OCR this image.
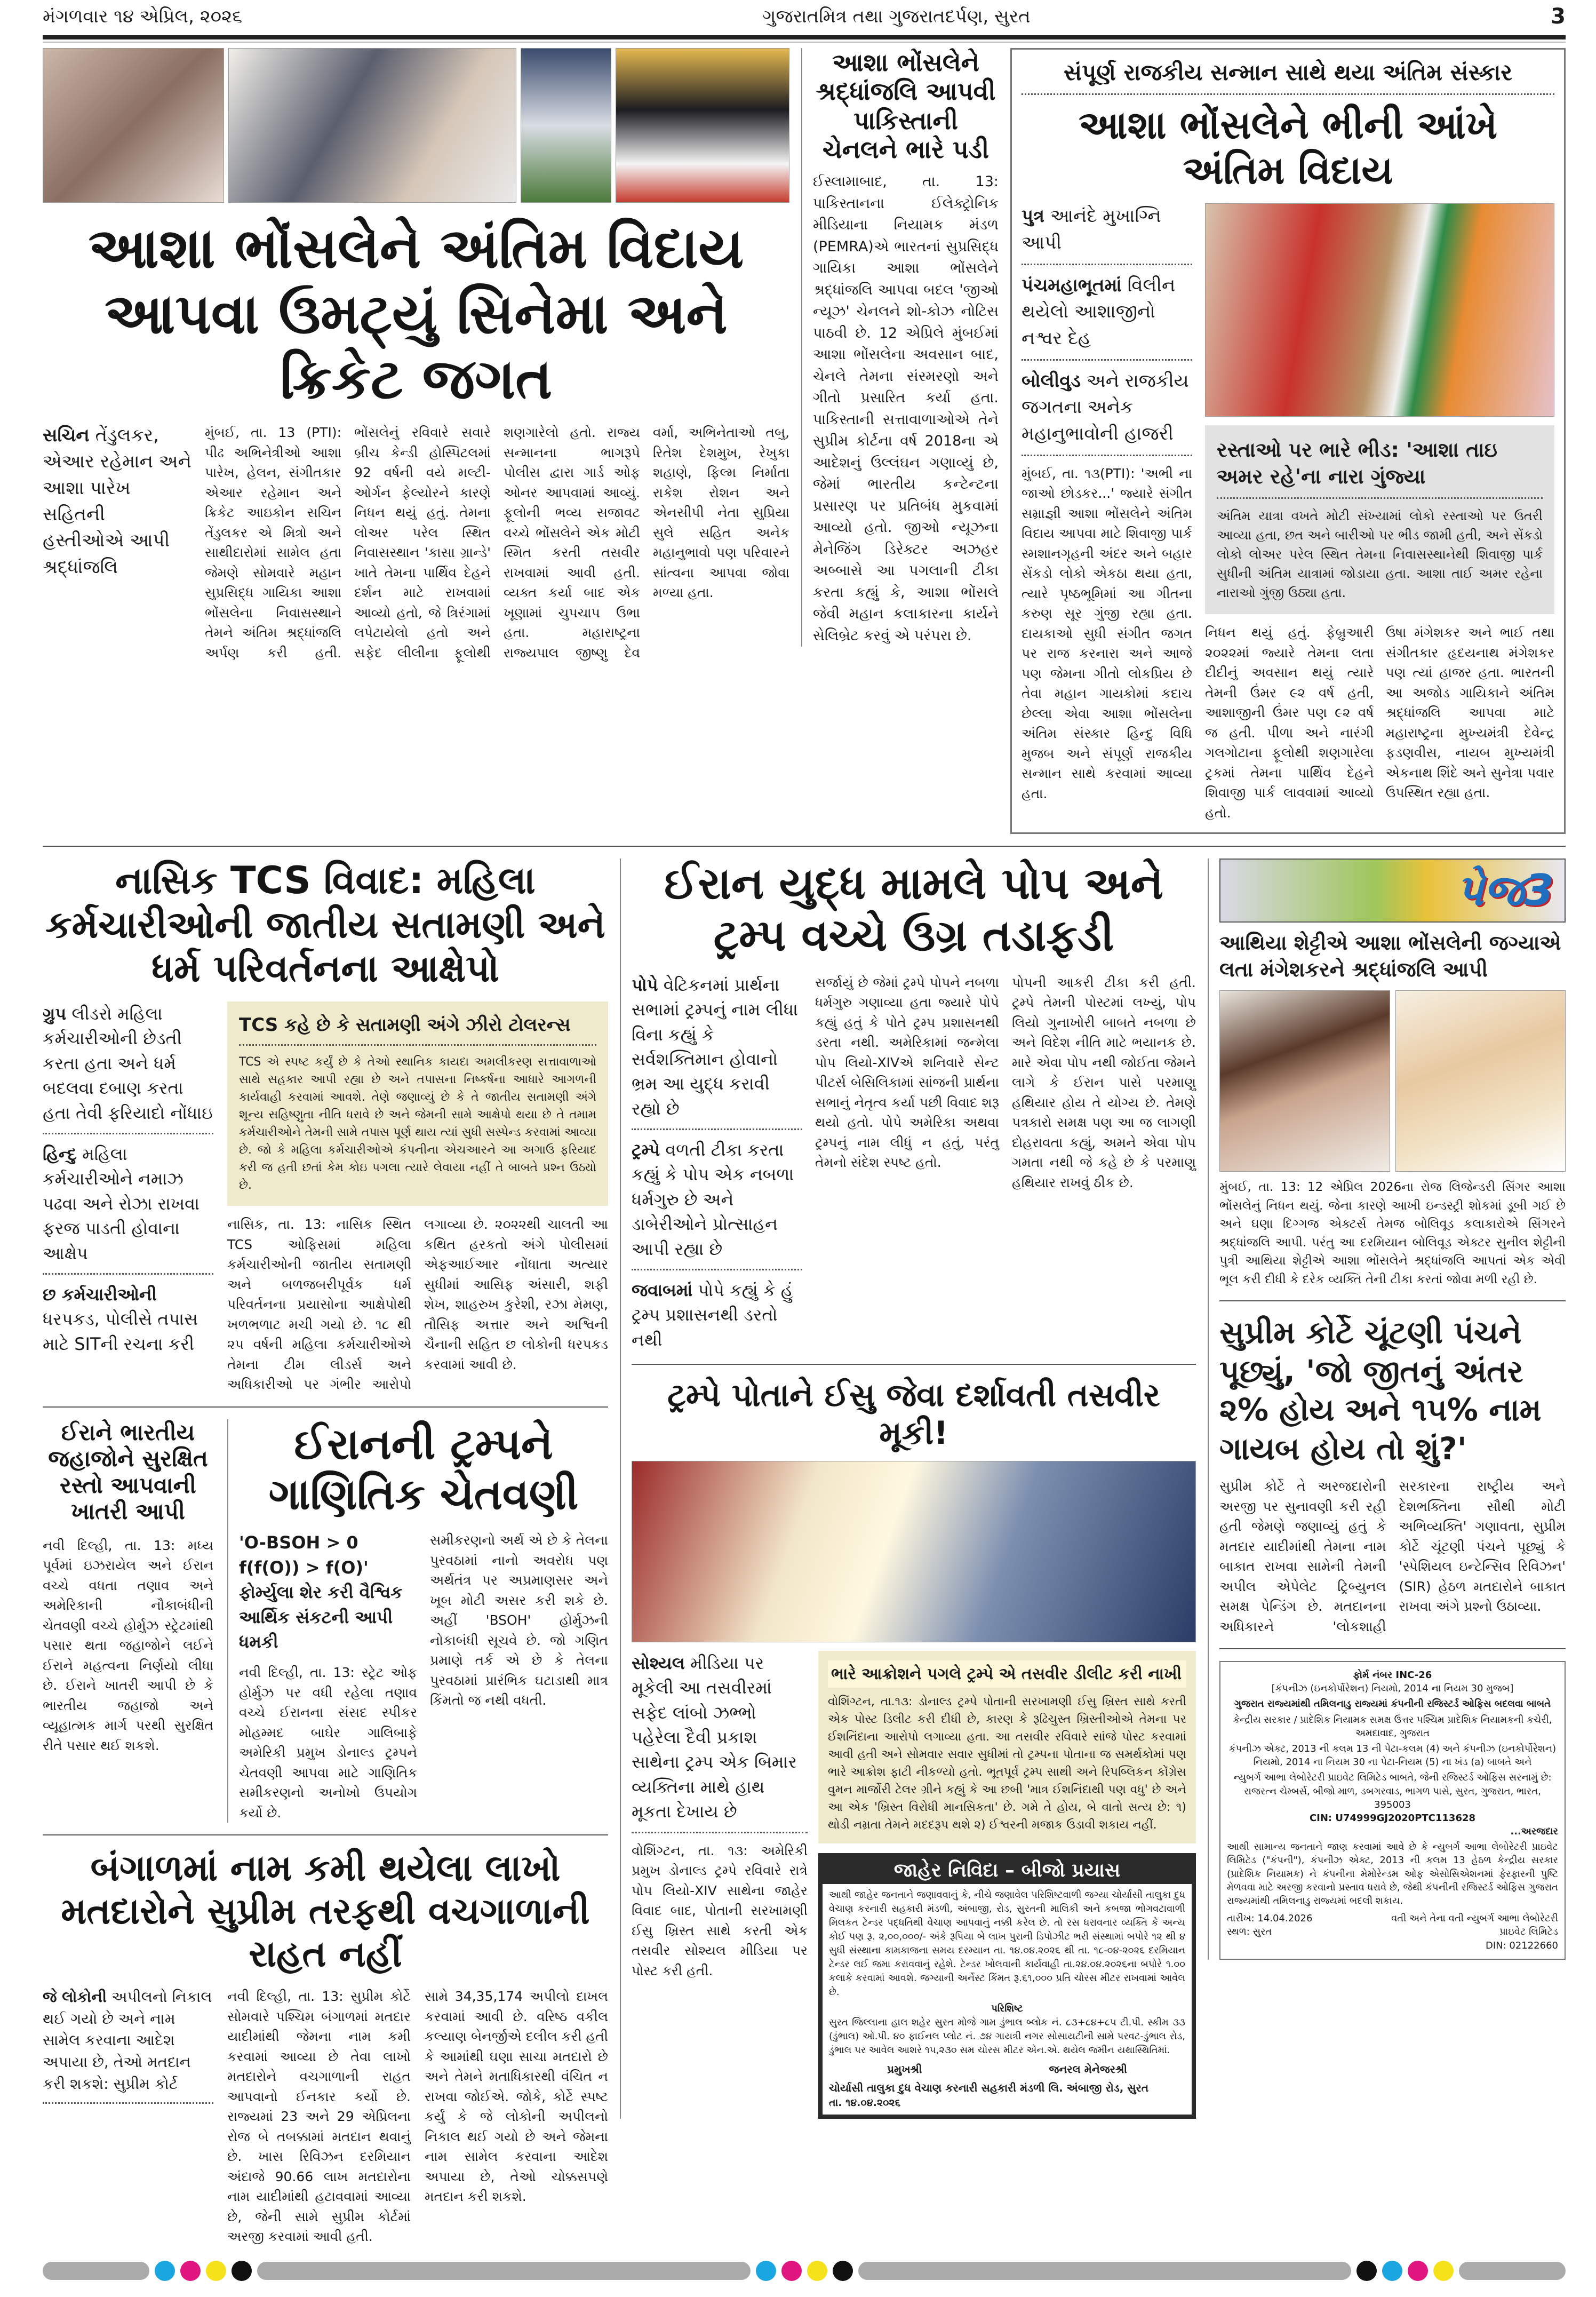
મંગળવાર ૧૪ એપ્રિલ, ૨૦૨૬	ગુજરાતમિત્ર તથા ગુજરાતદર્પણ, સુરત	3
આશા ભોંસલેને અંતિમ વિદાય આપવા ઉમટ્યું સિનેમા અને ક્રિકેટ જગત
સચિન તેંડુલકર, એઆર રહેમાન અને આશા પારેખ સહિતની હસ્તીઓએ આપી શ્રદ્ધાંજલિ
મુંબઈ, તા. 13 (PTI): પીઢ અભિનેત્રીઓ આશા પારેખ, હેલન, સંગીતકાર એઆર રહેમાન અને ક્રિકેટ આઇકોન સચિન તેંડુલકર એ મિત્રો અને સાથીદારોમાં સામેલ હતા જેમણે સોમવારે મહાન સુપ્રસિદ્ધ ગાયિકા આશા ભોંસલેના નિવાસસ્થાને તેમને અંતિમ શ્રદ્ધાંજલિ અર્પણ કરી હતી. ભોંસલેનું રવિવારે સવારે બ્રીચ કેન્ડી હોસ્પિટલમાં 92 વર્ષની વયે મલ્ટી-ઓર્ગન ફેલ્યોરને કારણે નિધન થયું હતું. તેમના લોઅર પરેલ સ્થિત નિવાસસ્થાન 'કાસા ગ્રાન્ડે' ખાતે તેમના પાર્થિવ દેહને દર્શન માટે રાખવામાં આવ્યો હતો, જે ત્રિરંગામાં લપેટાયેલો હતો અને સફેદ લીલીના ફૂલોથી શણગારેલો હતો. રાજ્ય સન્માનના ભાગરૂપે પોલીસ દ્વારા ગાર્ડ ઓફ ઓનર આપવામાં આવ્યું. ફૂલોની ભવ્ય સજાવટ વચ્ચે ભોંસલેને એક મોટી સ્મિત કરતી તસવીર રાખવામાં આવી હતી. વ્યક્ત કર્યા બાદ એક ખૂણામાં ચુપચાપ ઉભા હતા. મહારાષ્ટ્રના રાજ્યપાલ જીષ્ણુ દેવ વર્મા, અભિનેતાઓ તબુ, રિતેશ દેશમુખ, રેખુકા શહાણે, ફિલ્મ નિર્માતા રાકેશ રોશન અને એનસીપી નેતા સુપ્રિયા સુલે સહિત અનેક મહાનુભાવો પણ પરિવારને સાંત્વના આપવા જોવા મળ્યા હતા.
આશા ભોંસલેને શ્રદ્ધાંજલિ આપવી પાકિસ્તાની ચેનલને ભારે પડી
ઈસ્લામાબાદ, તા. 13: પાકિસ્તાનના ઈલેક્ટ્રોનિક મીડિયાના નિયામક મંડળ (PEMRA)એ ભારતનાં સુપ્રસિદ્ધ ગાયિકા આશા ભોંસલેને શ્રદ્ધાંજલિ આપવા બદલ 'જીઓ ન્યૂઝ' ચેનલને શો-કોઝ નોટિસ પાઠવી છે. 12 એપ્રિલે મુંબઈમાં આશા ભોંસલેના અવસાન બાદ, ચેનલે તેમના સંસ્મરણો અને ગીતો પ્રસારિત કર્યા હતા. પાકિસ્તાની સત્તાવાળાઓએ તેને સુપ્રીમ કોર્ટના વર્ષ 2018ના એ આદેશનું ઉલ્લંઘન ગણાવ્યું છે, જેમાં ભારતીય કન્ટેન્ટના પ્રસારણ પર પ્રતિબંધ મુકવામાં આવ્યો હતો. જીઓ ન્યૂઝના મેનેજિંગ ડિરેક્ટર અઝહર અબ્બાસે આ પગલાની ટીકા કરતા કહ્યું કે, આશા ભોંસલે જેવી મહાન કલાકારના કાર્યને સેલિબ્રેટ કરવું એ પરંપરા છે.
સંપૂર્ણ રાજકીય સન્માન સાથે થયા અંતિમ સંસ્કાર
આશા ભોંસલેને ભીની આંખે અંતિમ વિદાય
પુત્ર આનંદે મુખાગ્નિ આપી
પંચમહાભૂતમાં વિલીન થયેલો આશાજીનો નશ્વર દેહ
બોલીવુડ અને રાજકીય જગતના અનેક મહાનુભાવોની હાજરી
મુંબઈ, તા. ૧૩(PTI): 'અભી ના જાઓ છોડકર...' જ્યારે સંગીત સમ્રાજ્ઞી આશા ભોંસલેને અંતિમ વિદાય આપવા માટે શિવાજી પાર્ક સ્મશાનગૃહની અંદર અને બહાર સેંકડો લોકો એકઠા થયા હતા, ત્યારે પૃષ્ઠભૂમિમાં આ ગીતના કરુણ સૂર ગુંજી રહ્યા હતા. દાયકાઓ સુધી સંગીત જગત પર રાજ કરનારા અને આજે પણ જેમના ગીતો લોકપ્રિય છે તેવા મહાન ગાયકોમાં કદાચ છેલ્લા એવા આશા ભોંસલેના અંતિમ સંસ્કાર હિન્દુ વિધિ મુજબ અને સંપૂર્ણ રાજકીય સન્માન સાથે કરવામાં આવ્યા હતા.
રસ્તાઓ પર ભારે ભીડ: 'આશા તાઇ અમર રહે'ના નારા ગુંજ્યા
અંતિમ યાત્રા વખતે મોટી સંખ્યામાં લોકો રસ્તાઓ પર ઉતરી આવ્યા હતા, છત અને બારીઓ પર ભીડ જામી હતી, અને સેંકડો લોકો લોઅર પરેલ સ્થિત તેમના નિવાસસ્થાનેથી શિવાજી પાર્ક સુધીની અંતિમ યાત્રામાં જોડાયા હતા. આશા તાઈ અમર રહેના નારાઓ ગુંજી ઉઠ્યા હતા.
નિધન થયું હતું. ફેબ્રુઆરી ૨૦૨૨માં જ્યારે તેમના લતા દીદીનું અવસાન થયું ત્યારે તેમની ઉંમર ૯૨ વર્ષ હતી, આશાજીની ઉંમર પણ ૯૨ વર્ષ જ હતી. પીળા અને નારંગી ગલગોટાના ફૂલોથી શણગારેલા ટ્રકમાં તેમના પાર્થિવ દેહને શિવાજી પાર્ક લાવવામાં આવ્યો હતો.
ઉષા મંગેશકર અને ભાઈ તથા સંગીતકાર હૃદયનાથ મંગેશકર પણ ત્યાં હાજર હતા. ભારતની આ અજોડ ગાયિકાને અંતિમ શ્રદ્ધાંજલિ આપવા માટે મહારાષ્ટ્રના મુખ્યમંત્રી દેવેન્દ્ર ફડણવીસ, નાયબ મુખ્યમંત્રી એકનાથ શિંદે અને સુનેત્રા પવાર ઉપસ્થિત રહ્યા હતા.
નાસિક TCS વિવાદ: મહિલા કર્મચારીઓની જાતીય સતામણી અને ધર્મ પરિવર્તનના આક્ષેપો
ગ્રુપ લીડરો મહિલા કર્મચારીઓની છેડતી કરતા હતા અને ધર્મ બદલવા દબાણ કરતા હતા તેવી ફરિયાદો નોંધાઇ
હિન્દુ મહિલા કર્મચારીઓને નમાઝ પઢવા અને રોઝા રાખવા ફરજ પાડતી હોવાના આક્ષેપ
છ કર્મચારીઓની ધરપકડ, પોલીસે તપાસ માટે SITની રચના કરી
TCS કહે છે કે સતામણી અંગે ઝીરો ટોલરન્સ
TCS એ સ્પષ્ટ કર્યું છે કે તેઓ સ્થાનિક કાયદા અમલીકરણ સત્તાવાળાઓ સાથે સહકાર આપી રહ્યા છે અને તપાસના નિષ્કર્ષના આધારે આગળની કાર્યવાહી કરવામાં આવશે. તેણે જણાવ્યું છે કે તે જાતીય સતામણી અંગે શૂન્ય સહિષ્ણુતા નીતિ ધરાવે છે અને જેમની સામે આક્ષેપો થયા છે તે તમામ કર્મચારીઓને તેમની સામે તપાસ પૂર્ણ થાય ત્યાં સુધી સસ્પેન્ડ કરવામાં આવ્યા છે. જો કે મહિલા કર્મચારીઓએ કંપનીના એચઆરને આ અગાઉ ફરિયાદ કરી જ હતી છતાં કેમ કોઇ પગલા ત્યારે લેવાયા નહીં તે બાબતે પ્રશ્ન ઉઠ્યો છે.
નાસિક, તા. 13: નાસિક સ્થિત TCS ઓફિસમાં મહિલા કર્મચારીઓની જાતીય સતામણી અને બળજબરીપૂર્વક ધર્મ પરિવર્તનના પ્રયાસોના આક્ષેપોથી ખળભળાટ મચી ગયો છે. ૧૮ થી ૨૫ વર્ષની મહિલા કર્મચારીઓએ તેમના ટીમ લીડર્સ અને અધિકારીઓ પર ગંભીર આરોપો લગાવ્યા છે. ૨૦૨૨થી ચાલતી આ કથિત હરકતો અંગે પોલીસમાં એફઆઈઆર નોંધાતા અત્યાર સુધીમાં આસિફ અંસારી, શફી શેખ, શાહરુખ કુરેશી, રઝા મેમણ, તૌસિફ અત્તાર અને અશ્વિની ચૈનાની સહિત છ લોકોની ધરપકડ કરવામાં આવી છે.
ઈરાને ભારતીય જહાજોને સુરક્ષિત રસ્તો આપવાની ખાતરી આપી
નવી દિલ્હી, તા. 13: મધ્ય પૂર્વમાં ઇઝરાયેલ અને ઈરાન વચ્ચે વધતા તણાવ અને અમેરિકાની નૌકાબંધીની ચેતવણી વચ્ચે હોર્મુઝ સ્ટ્રેટમાંથી પસાર થતા જહાજોને લઈને ઈરાને મહત્વના નિર્ણયો લીધા છે. ઈરાને ખાતરી આપી છે કે ભારતીય જહાજો અને વ્યૂહાત્મક માર્ગ પરથી સુરક્ષિત રીતે પસાર થઈ શકશે.
ઈરાનની ટ્રમ્પને ગાણિતિક ચેતવણી
'O-BSOH > 0 f(f(O)) > f(O)' ફોર્મ્યુલા શેર કરી વૈશ્વિક આર્થિક સંકટની આપી ધમકી
નવી દિલ્હી, તા. 13: સ્ટ્રેટ ઓફ હોર્મુઝ પર વધી રહેલા તણાવ વચ્ચે ઈરાનના સંસદ સ્પીકર મોહમ્મદ બાઘેર ગાલિબાફે અમેરિકી પ્રમુખ ડોનાલ્ડ ટ્રમ્પને ચેતવણી આપવા માટે ગાણિતિક સમીકરણનો અનોખો ઉપયોગ કર્યો છે.
સમીકરણનો અર્થ એ છે કે તેલના પુરવઠામાં નાનો અવરોધ પણ અર્થતંત્ર પર અપ્રમાણસર અને ખૂબ મોટી અસર કરી શકે છે. અહીં 'BSOH' હોર્મુઝની નોકાબંધી સૂચવે છે. જો ગણિત પ્રમાણે તર્ક એ છે કે તેલના પુરવઠામાં પ્રારંભિક ઘટાડાથી માત્ર કિંમતો જ નથી વધતી.
બંગાળમાં નામ કમી થયેલા લાખો મતદારોને સુપ્રીમ તરફથી વચગાળાની રાહત નહીં
જે લોકોની અપીલનો નિકાલ થઈ ગયો છે અને નામ સામેલ કરવાના આદેશ અપાયા છે, તેઓ મતદાન કરી શકશે: સુપ્રીમ કોર્ટ
નવી દિલ્હી, તા. 13: સુપ્રીમ કોર્ટે સોમવારે પશ્ચિમ બંગાળમાં મતદાર યાદીમાંથી જેમના નામ કમી કરવામાં આવ્યા છે તેવા લાખો મતદારોને વચગાળાની રાહત આપવાનો ઈનકાર કર્યો છે. રાજ્યમાં 23 અને 29 એપ્રિલના રોજ બે તબક્કામાં મતદાન થવાનું છે. ખાસ રિવિઝન દરમિયાન અંદાજે 90.66 લાખ મતદારોના નામ યાદીમાંથી હટાવવામાં આવ્યા છે, જેની સામે સુપ્રીમ કોર્ટમાં અરજી કરવામાં આવી હતી.
સામે 34,35,174 અપીલો દાખલ કરવામાં આવી છે. વરિષ્ઠ વકીલ કલ્યાણ બેનર્જીએ દલીલ કરી હતી કે આમાંથી ઘણા સાચા મતદારો છે અને તેમને મતાધિકારથી વંચિત ન રાખવા જોઈએ. જોકે, કોર્ટે સ્પષ્ટ કર્યું કે જે લોકોની અપીલનો નિકાલ થઈ ગયો છે અને જેમના નામ સામેલ કરવાના આદેશ અપાયા છે, તેઓ ચોક્કસપણે મતદાન કરી શકશે.
ઈરાન યુદ્ધ મામલે પોપ અને ટ્રમ્પ વચ્ચે ઉગ્ર તડાફડી
પોપે વેટિકનમાં પ્રાર્થના સભામાં ટ્રમ્પનું નામ લીધા વિના કહ્યું કે સર્વશક્તિમાન હોવાનો ભ્રમ આ યુદ્ધ કરાવી રહ્યો છે
ટ્રમ્પે વળતી ટીકા કરતા કહ્યું કે પોપ એક નબળા ધર્મગુરુ છે અને ડાબેરીઓને પ્રોત્સાહન આપી રહ્યા છે
જવાબમાં પોપે કહ્યું કે હું ટ્રમ્પ પ્રશાસનથી ડરતો નથી
સર્જાયું છે જેમાં ટ્રમ્પે પોપને નબળા ધર્મગુરુ ગણાવ્યા હતા જ્યારે પોપે કહ્યું હતું કે પોતે ટ્રમ્પ પ્રશાસનથી ડરતા નથી. અમેરિકામાં જન્મેલા પોપ લિયો-XIVએ શનિવારે સેન્ટ પીટર્સ બેસિલિકામાં સાંજની પ્રાર્થના સભાનું નેતૃત્વ કર્યા પછી વિવાદ શરૂ થયો હતો. પોપે અમેરિકા અથવા ટ્રમ્પનું નામ લીધું ન હતું, પરંતુ તેમનો સંદેશ સ્પષ્ટ હતો.
પોપની આકરી ટીકા કરી હતી. ટ્રમ્પે તેમની પોસ્ટમાં લખ્યું, પોપ લિયો ગુનાખોરી બાબતે નબળા છે અને વિદેશ નીતિ માટે ભયાનક છે. મારે એવા પોપ નથી જોઈતા જેમને લાગે કે ઈરાન પાસે પરમાણુ હથિયાર હોય તે યોગ્ય છે. તેમણે પત્રકારો સમક્ષ પણ આ જ લાગણી દોહરાવતા કહ્યું, અમને એવા પોપ ગમતા નથી જે કહે છે કે પરમાણુ હથિયાર રાખવું ઠીક છે.
ટ્રમ્પે પોતાને ઈસુ જેવા દર્શાવતી તસવીર મૂકી!
સોશ્યલ મીડિયા પર મૂકેલી આ તસવીરમાં સફેદ લાંબો ઝભ્ભો પહેરેલા દૈવી પ્રકાશ સાથેના ટ્રમ્પ એક બિમાર વ્યક્તિના માથે હાથ મૂકતા દેખાય છે
વોશિંગ્ટન, તા. ૧૩: અમેરિકી પ્રમુખ ડોનાલ્ડ ટ્રમ્પે રવિવારે રાત્રે પોપ લિયો-XIV સાથેના જાહેર વિવાદ બાદ, પોતાની સરખામણી ઈસુ ખ્રિસ્ત સાથે કરતી એક તસવીર સોશ્યલ મીડિયા પર પોસ્ટ કરી હતી.
ભારે આક્રોશને પગલે ટ્રમ્પે એ તસવીર ડીલીટ કરી નાખી
વોશિંગ્ટન, તા.૧૩: ડોનાલ્ડ ટ્રમ્પે પોતાની સરખામણી ઈસુ ખ્રિસ્ત સાથે કરતી એક પોસ્ટ ડિલીટ કરી દીધી છે, કારણ કે રૂઢિચુસ્ત ખ્રિસ્તીઓએ તેમના પર ઈશનિંદાના આરોપો લગાવ્યા હતા. આ તસવીર રવિવારે સાંજે પોસ્ટ કરવામાં આવી હતી અને સોમવાર સવાર સુધીમાં તો ટ્રમ્પના પોતાના જ સમર્થકોમાં પણ ભારે આક્રોશ ફાટી નીકળ્યો હતો. ભૂતપૂર્વ ટ્રમ્પ સાથી અને રિપબ્લિકન કોંગ્રેસ વુમન માર્જોરી ટેલર ગ્રીને કહ્યું કે આ છબી 'માત્ર ઈશનિંદાથી પણ વધુ' છે અને આ એક 'ખ્રિસ્ત વિરોધી માનસિકતા' છે. ગમે તે હોય, બે વાતો સત્ય છે: ૧) થોડી નમ્રતા તેમને મદદરૂપ થશે ૨) ઈશ્વરની મજાક ઉડાવી શકાય નહીં.
જાહેર નિવિદા – બીજો પ્રયાસ
આથી જાહેર જનતાને જણાવવાનું કે, નીચે જણાવેલ પરિશિષ્ટવાળી જગ્યા ચોર્યાસી તાલુકા દુધ વેચાણ કરનારી સહકારી મંડળી, અંબાજી, રોડ, સુરતની માલિકી અને કબજા ભોગવટાવાળી મિલકત ટેન્ડર પદ્ધતિથી વેચાણ આપવાનું નક્કી કરેલ છે. તો રસ ધરાવનાર વ્યક્તિ કે અન્ય કોઈ પણ રૂ. ૨,૦૦,૦૦૦/- અંકે રૂપિયા બે લાખ પુરાની ડિપોઝીટ ભરી સંસ્થામાં બપોરે ૧૨ થી ૪ સુધી સંસ્થાના કામકાજના સમય દરમ્યાન તા. ૧૪.૦૪.૨૦૨૬ થી તા. ૧૮-૦૪-૨૦૨૬ દરમિયાન ટેન્ડર લઈ જમા કરાવવાનું રહેશે. ટેન્ડર ખોલવાની કાર્યવાહી તા.૨૪.૦૪.૨૦૨૬ના બપોરે ૧.૦૦ કલાકે કરવામાં આવશે. જગ્યાની અર્નેસ્ટ કિંમત રૂ.૬૧,૦૦૦ પ્રતિ ચોરસ મીટર રાખવામાં આવેલ છે.
પરિશિષ્ટ
સુરત જિલ્લાના હાલ શહેર સુરત મોજે ગામ ડુંભાલ બ્લોક નં. ૮૩+૮૪+૮૫ ટી.પી. સ્કીમ ૩૩ (ડુંભાલ) ઓ.પી. ૪૦ ફાઈનલ પ્લોટ નં. ૭૪ ગાયત્રી નગર સોસાયટીની સામે પરવટ-ડુંભાલ રોડ, ડુંભાલ પર આવેલ આશરે ૧૫,૨૩૦ સમ ચોરસ મીટર એન.એ. થયેલ જમીન યથાસ્થિતિમાં.
પ્રમુખશ્રી	જનરલ મેનેજરશ્રી
ચોર્યાસી તાલુકા દુધ વેચાણ કરનારી સહકારી મંડળી લિ. અંબાજી રોડ, સુરત
તા. ૧૪.૦૪.૨૦૨૬
પેજ3
આથિયા શેટ્ટીએ આશા ભોંસલેની જગ્યાએ લતા મંગેશકરને શ્રદ્ધાંજલિ આપી
મુંબઈ, તા. 13: 12 એપ્રિલ 2026ના રોજ લિજેન્ડરી સિંગર આશા ભોંસલેનું નિધન થયું. જેના કારણે આખી ઇન્ડસ્ટ્રી શોકમાં ડૂબી ગઈ છે અને ઘણા દિગ્ગજ એક્ટર્સ તેમજ બોલિવૂડ કલાકારોએ સિંગરને શ્રદ્ધાંજલિ આપી. પરંતુ આ દરમિયાન બોલિવૂડ એક્ટર સુનીલ શેટ્ટીની પુત્રી આથિયા શેટ્ટીએ આશા ભોંસલેને શ્રદ્ધાંજલિ આપતાં એક એવી ભૂલ કરી દીધી કે દરેક વ્યક્તિ તેની ટીકા કરતાં જોવા મળી રહી છે.
સુપ્રીમ કોર્ટે ચૂંટણી પંચને પૂછ્યું, 'જો જીતનું અંતર ૨% હોય અને ૧૫% નામ ગાયબ હોય તો શું?'
સુપ્રીમ કોર્ટે તે અરજદારોની અરજી પર સુનાવણી કરી રહી હતી જેમણે જણાવ્યું હતું કે મતદાર યાદીમાંથી તેમના નામ બાકાત રાખવા સામેની તેમની અપીલ એપેલેટ ટ્રિબ્યુનલ સમક્ષ પેન્ડિંગ છે. મતદાનના અધિકારને 'લોકશાહી સરકારના રાષ્ટ્રીય અને દેશભક્તિના સૌથી મોટી અભિવ્યક્તિ' ગણાવતા, સુપ્રીમ કોર્ટે ચૂંટણી પંચને પૂછ્યું કે 'સ્પેશિયલ ઇન્ટેન્સિવ રિવિઝન' (SIR) હેઠળ મતદારોને બાકાત રાખવા અંગે પ્રશ્નો ઉઠાવ્યા.
ફોર્મ નંબર INC-26
[કંપનીઝ (ઇનકોર્પોરેશન) નિયમો, 2014 ના નિયમ 30 મુજબ]
ગુજરાત રાજ્યમાંથી તમિલનાડુ રાજ્યમાં કંપનીની રજિસ્ટર્ડ ઓફિસ બદલવા બાબતે
કેન્દ્રીય સરકાર / પ્રાદેશિક નિયામક સમક્ષ ઉત્તર પશ્ચિમ પ્રાદેશિક નિયામકની કચેરી, અમદાવાદ, ગુજરાત
કંપનીઝ એક્ટ, 2013 ની કલમ 13 ની પેટા-કલમ (4) અને કંપનીઝ (ઇનકોર્પોરેશન) નિયમો, 2014 ના નિયમ 30 ના પેટા-નિયમ (5) ના ખંડ (a) બાબતે અને
ન્યુબર્ગ આભા લેબોરેટરી પ્રાઇવેટ લિમિટેડ બાબતે, જેની રજિસ્ટર્ડ ઓફિસ સરનામું છે: રાજરત્ન ચેમ્બર્સ, બીજો માળ, ડબગરવાડ, ભાગળ પાસે, સુરત, ગુજરાત, ભારત, 395003
CIN: U74999GJ2020PTC113628
...અરજદાર
આથી સામાન્ય જનતાને જાણ કરવામાં આવે છે કે ન્યુબર્ગ આભા લેબોરેટરી પ્રાઇવેટ લિમિટેડ ("કંપની"), કંપનીઝ એક્ટ, 2013 ની કલમ 13 હેઠળ કેન્દ્રીય સરકાર (પ્રાદેશિક નિયામક) ને કંપનીના મેમોરેન્ડમ ઓફ એસોસિએશનમાં ફેરફારની પુષ્ટિ મેળવવા માટે અરજી કરવાનો પ્રસ્તાવ ધરાવે છે, જેથી કંપનીની રજિસ્ટર્ડ ઓફિસ ગુજરાત રાજ્યમાંથી તમિલનાડુ રાજ્યમાં બદલી શકાય.
તારીખ: 14.04.2026
સ્થળ: સુરત
વતી અને તેના વતી ન્યુબર્ગ આભા લેબોરેટરી પ્રાઇવેટ લિમિટેડ
DIN: 02122660
